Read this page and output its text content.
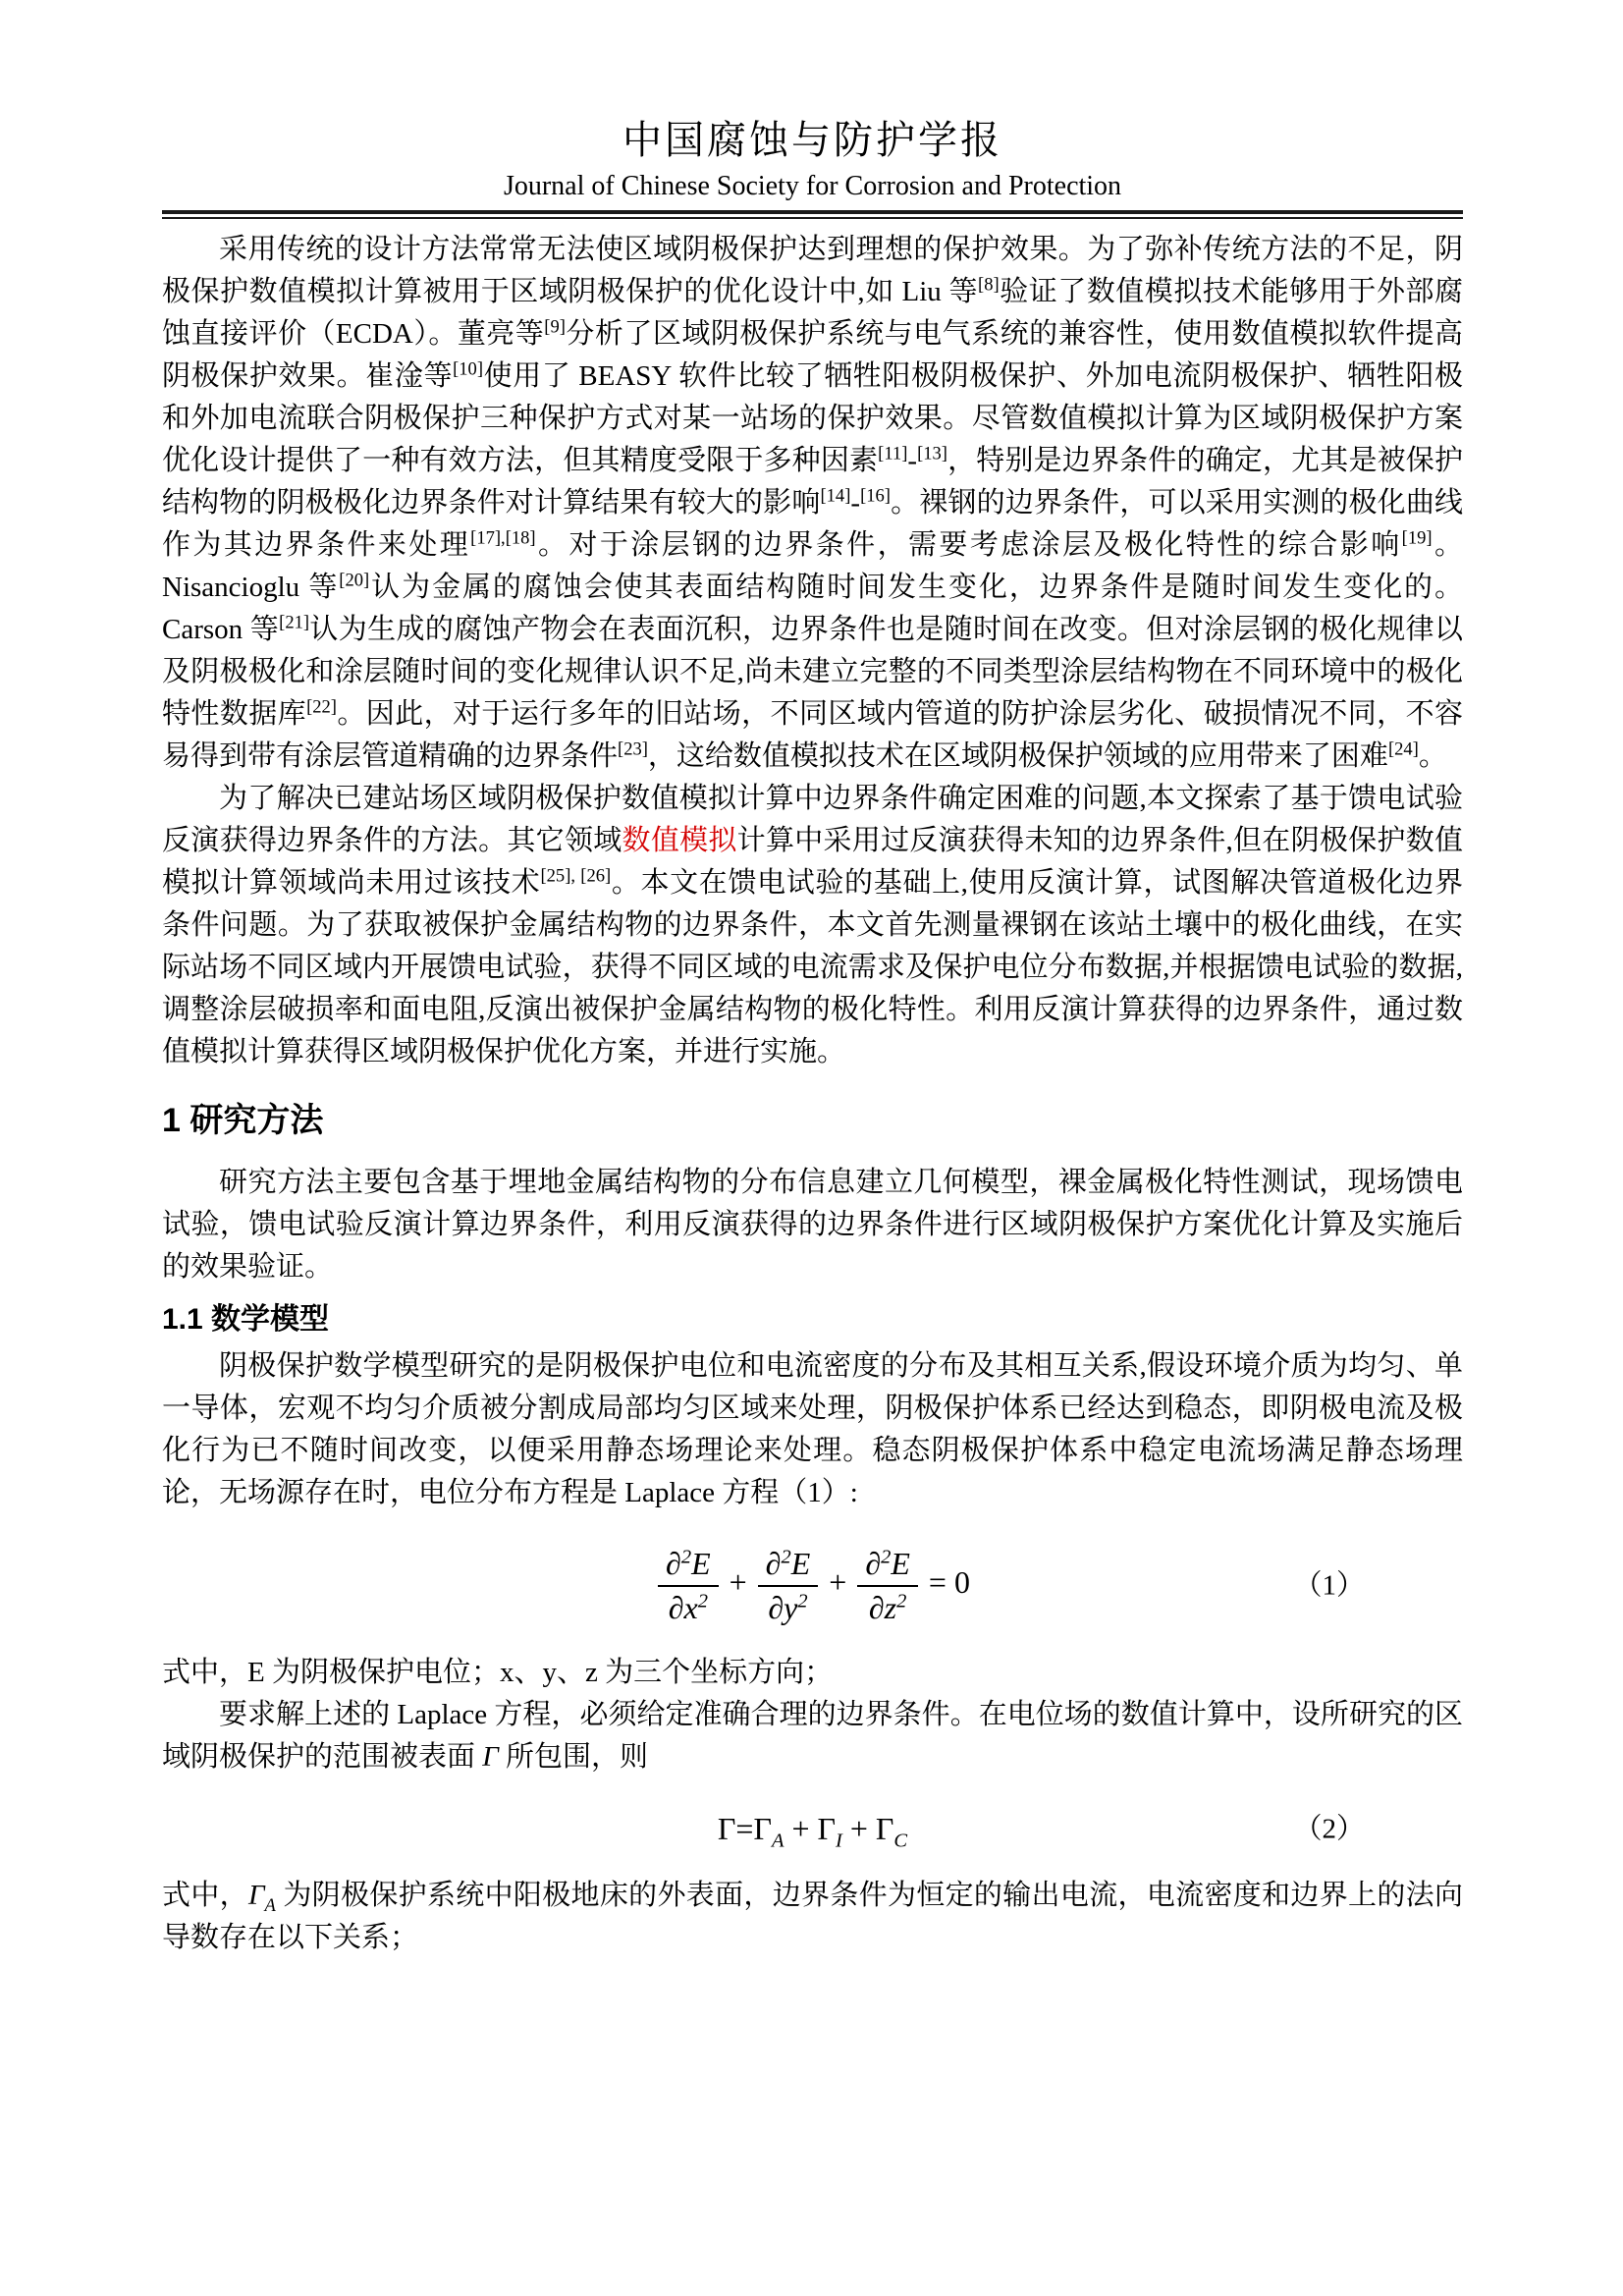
中国腐蚀与防护学报
Journal of Chinese Society for Corrosion and Protection

采用传统的设计方法常常无法使区域阴极保护达到理想的保护效果。为了弥补传统方法的不足，阴极保护数值模拟计算被用于区域阴极保护的优化设计中,如 Liu 等[8]验证了数值模拟技术能够用于外部腐蚀直接评价（ECDA）。董亮等[9]分析了区域阴极保护系统与电气系统的兼容性，使用数值模拟软件提高阴极保护效果。崔淦等[10]使用了 BEASY 软件比较了牺牲阳极阴极保护、外加电流阴极保护、牺牲阳极和外加电流联合阴极保护三种保护方式对某一站场的保护效果。尽管数值模拟计算为区域阴极保护方案优化设计提供了一种有效方法，但其精度受限于多种因素[11]-[13]，特别是边界条件的确定，尤其是被保护结构物的阴极极化边界条件对计算结果有较大的影响[14]-[16]。裸钢的边界条件，可以采用实测的极化曲线作为其边界条件来处理[17],[18]。对于涂层钢的边界条件，需要考虑涂层及极化特性的综合影响[19]。Nisancioglu 等[20]认为金属的腐蚀会使其表面结构随时间发生变化，边界条件是随时间发生变化的。Carson 等[21]认为生成的腐蚀产物会在表面沉积，边界条件也是随时间在改变。但对涂层钢的极化规律以及阴极极化和涂层随时间的变化规律认识不足,尚未建立完整的不同类型涂层结构物在不同环境中的极化特性数据库[22]。因此，对于运行多年的旧站场，不同区域内管道的防护涂层劣化、破损情况不同，不容易得到带有涂层管道精确的边界条件[23]，这给数值模拟技术在区域阴极保护领域的应用带来了困难[24]。

为了解决已建站场区域阴极保护数值模拟计算中边界条件确定困难的问题,本文探索了基于馈电试验反演获得边界条件的方法。其它领域数值模拟计算中采用过反演获得未知的边界条件,但在阴极保护数值模拟计算领域尚未用过该技术[25], [26]。本文在馈电试验的基础上,使用反演计算，试图解决管道极化边界条件问题。为了获取被保护金属结构物的边界条件，本文首先测量裸钢在该站土壤中的极化曲线，在实际站场不同区域内开展馈电试验，获得不同区域的电流需求及保护电位分布数据,并根据馈电试验的数据,调整涂层破损率和面电阻,反演出被保护金属结构物的极化特性。利用反演计算获得的边界条件，通过数值模拟计算获得区域阴极保护优化方案，并进行实施。

1 研究方法

研究方法主要包含基于埋地金属结构物的分布信息建立几何模型，裸金属极化特性测试，现场馈电试验，馈电试验反演计算边界条件，利用反演获得的边界条件进行区域阴极保护方案优化计算及实施后的效果验证。

1.1 数学模型

阴极保护数学模型研究的是阴极保护电位和电流密度的分布及其相互关系,假设环境介质为均匀、单一导体，宏观不均匀介质被分割成局部均匀区域来处理，阴极保护体系已经达到稳态，即阴极电流及极化行为已不随时间改变，以便采用静态场理论来处理。稳态阴极保护体系中稳定电流场满足静态场理论，无场源存在时，电位分布方程是 Laplace 方程（1）:

$\frac{\partial^2E}{\partial x^2} + \frac{\partial^2E}{\partial y^2} + \frac{\partial^2E}{\partial z^2} = 0$	（1）

式中，E 为阴极保护电位；x、y、z 为三个坐标方向；

要求解上述的 Laplace 方程，必须给定准确合理的边界条件。在电位场的数值计算中，设所研究的区域阴极保护的范围被表面 Γ 所包围，则

$\Gamma=\Gamma_A + \Gamma_I + \Gamma_C$	（2）

式中，$\Gamma_A$ 为阴极保护系统中阳极地床的外表面，边界条件为恒定的输出电流，电流密度和边界上的法向导数存在以下关系；
